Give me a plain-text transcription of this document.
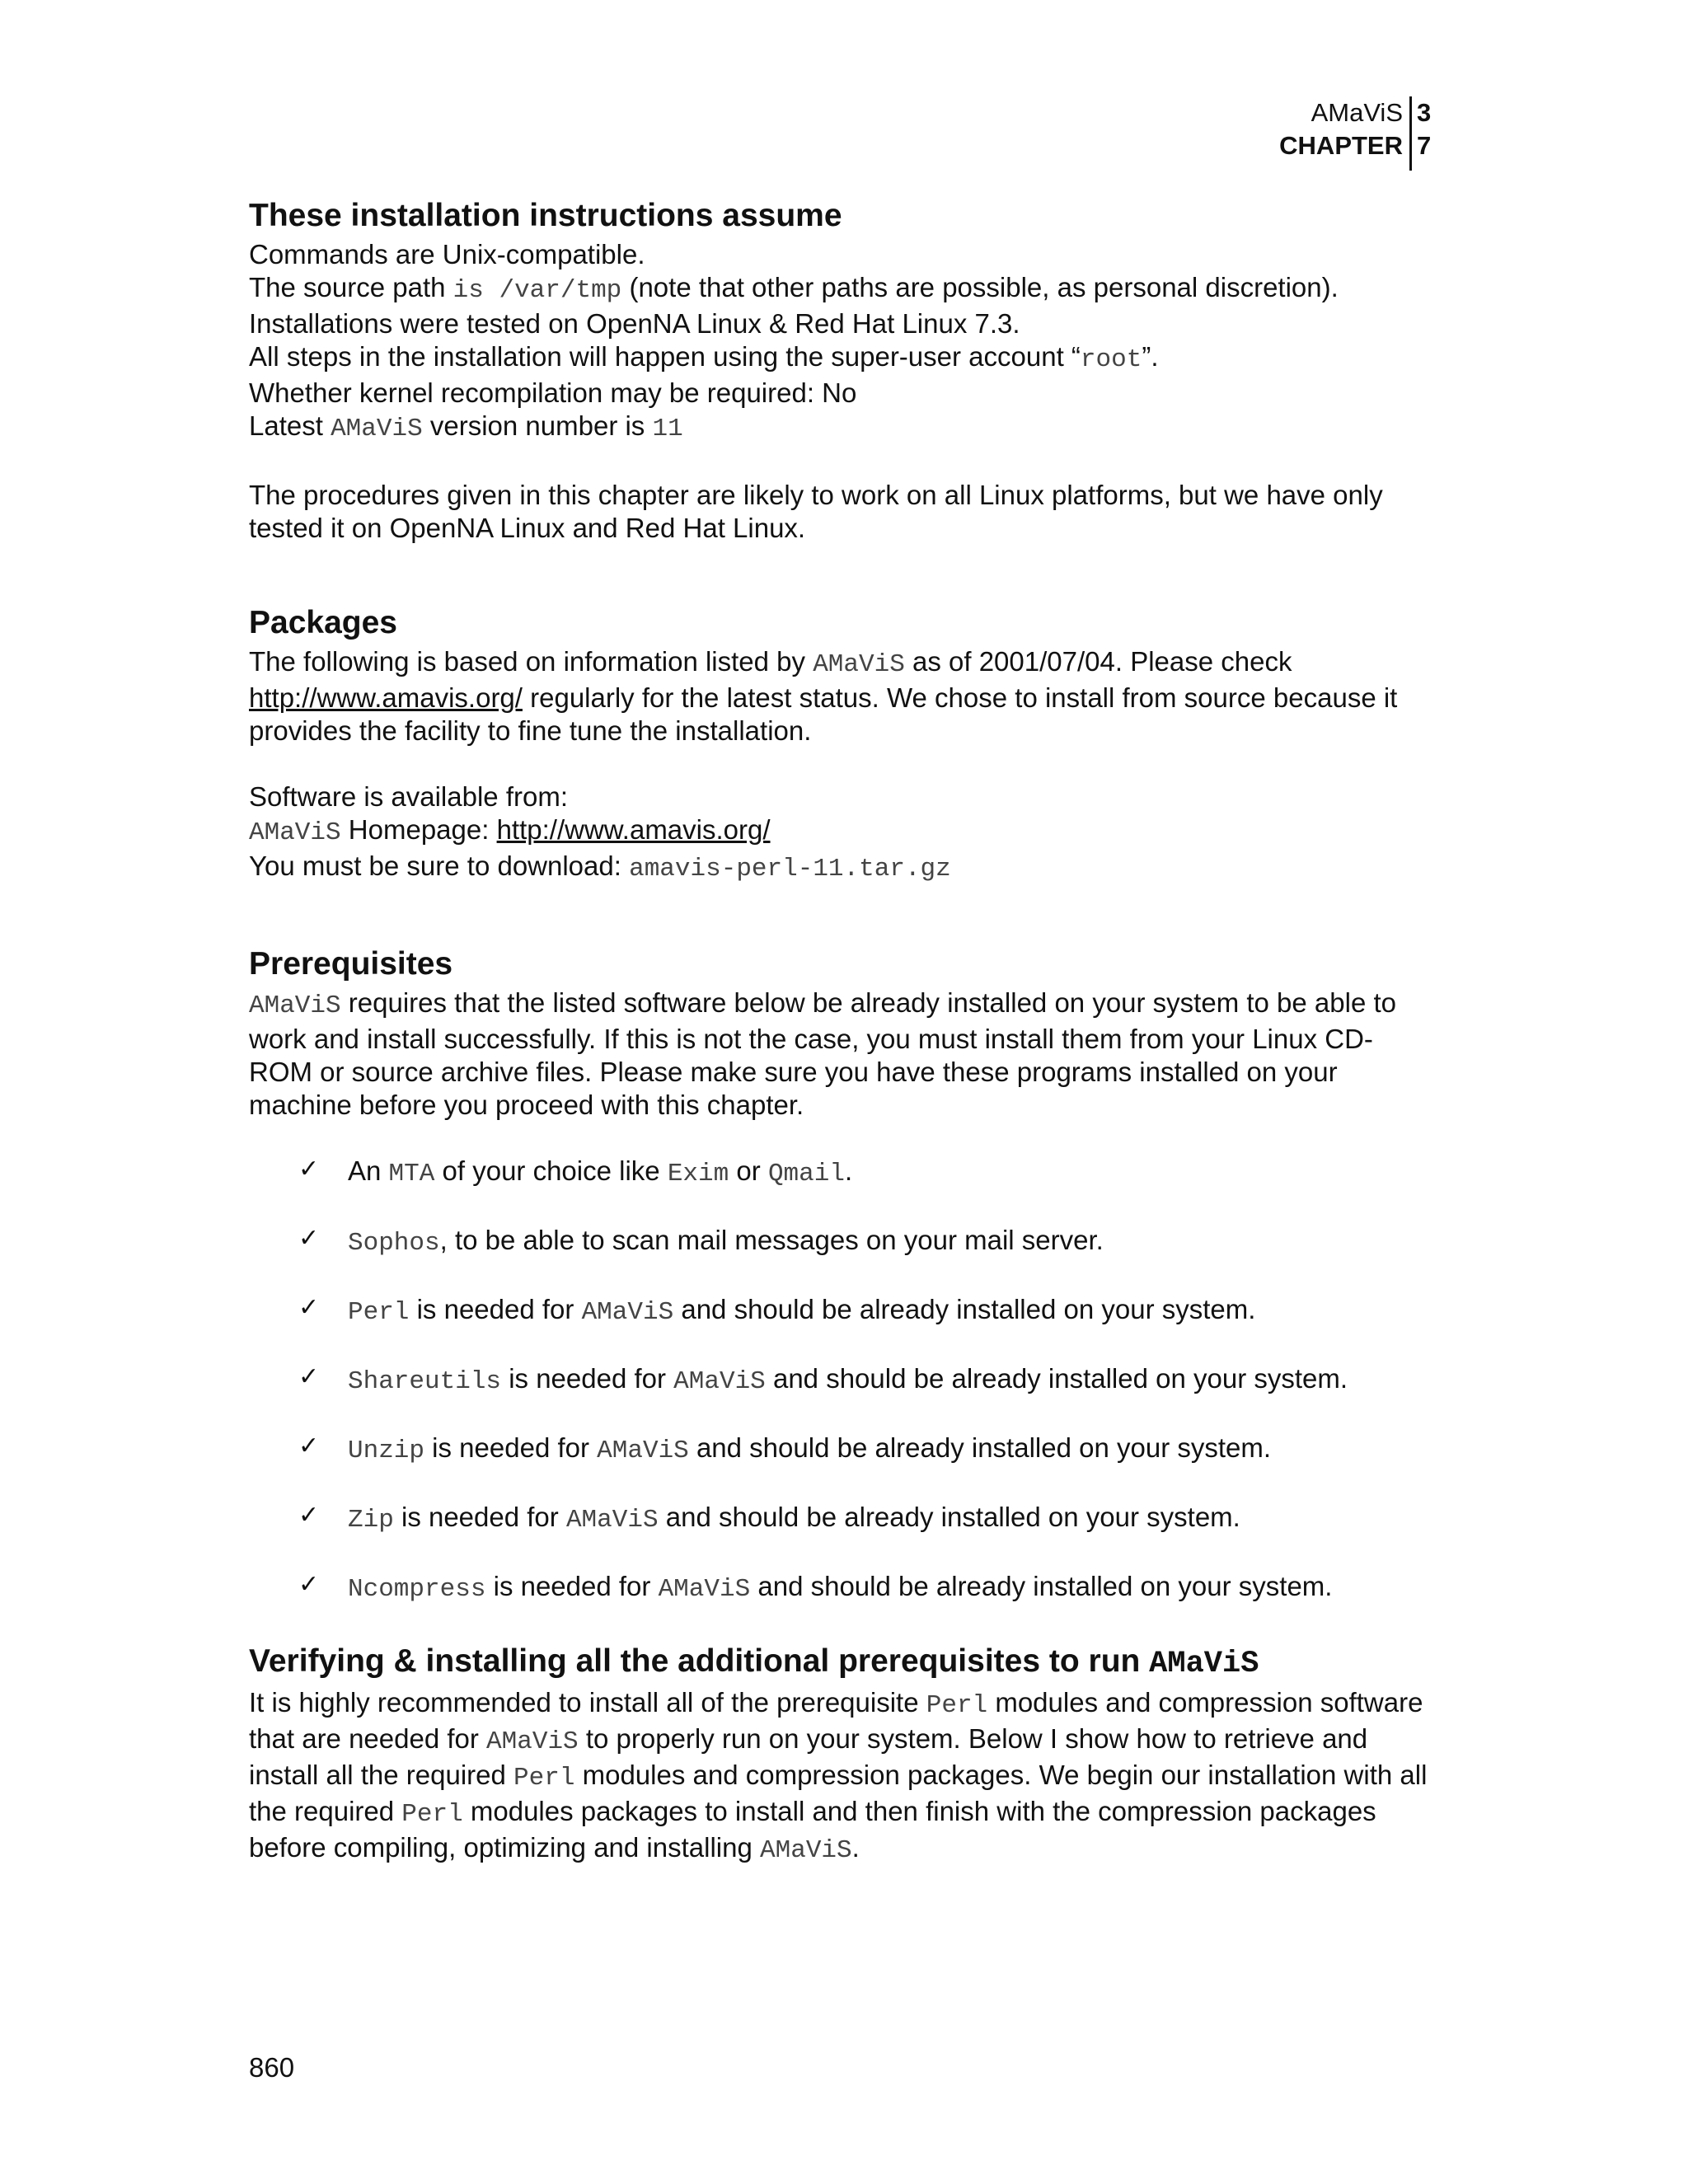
AMaViS 3
CHAPTER 7
These installation instructions assume

Commands are Unix-compatible.

The source path is /var/tmp (note that other paths are possible, as personal discretion).

Installations were tested on OpenNA Linux & Red Hat Linux 7.3.

All steps in the installation will happen using the super-user account “root”.

Whether kernel recompilation may be required: No

Latest AMaViS version number is 11

The procedures given in this chapter are likely to work on all Linux platforms, but we have only tested it on OpenNA Linux and Red Hat Linux.

Packages

The following is based on information listed by AMaViS as of 2001/07/04. Please check
http://www.amavis.org/ regularly for the latest status. We chose to install from source because it provides the facility to fine tune the installation.

Software is available from:

AMaViS Homepage: http://www.amavis.org/

You must be sure to download: amavis-perl-11.tar.gz

Prerequisites

AMaViS requires that the listed software below be already installed on your system to be able to work and install successfully. If this is not the case, you must install them from your Linux CD-ROM or source archive files. Please make sure you have these programs installed on your machine before you proceed with this chapter.

✓ An MTA of your choice like Exim or Qmail.
✓ Sophos, to be able to scan mail messages on your mail server.
✓ Perl is needed for AMaViS and should be already installed on your system.
✓ Shareutils is needed for AMaViS and should be already installed on your system.
✓ Unzip is needed for AMaViS and should be already installed on your system.
✓ Zip is needed for AMaViS and should be already installed on your system.
✓ Ncompress is needed for AMaViS and should be already installed on your system.
Verifying & installing all the additional prerequisites to run AMaViS

It is highly recommended to install all of the prerequisite Perl modules and compression software that are needed for AMaViS to properly run on your system. Below I show how to retrieve and install all the required Perl modules and compression packages. We begin our installation with all the required Perl modules packages to install and then finish with the compression packages before compiling, optimizing and installing AMaViS.

860
